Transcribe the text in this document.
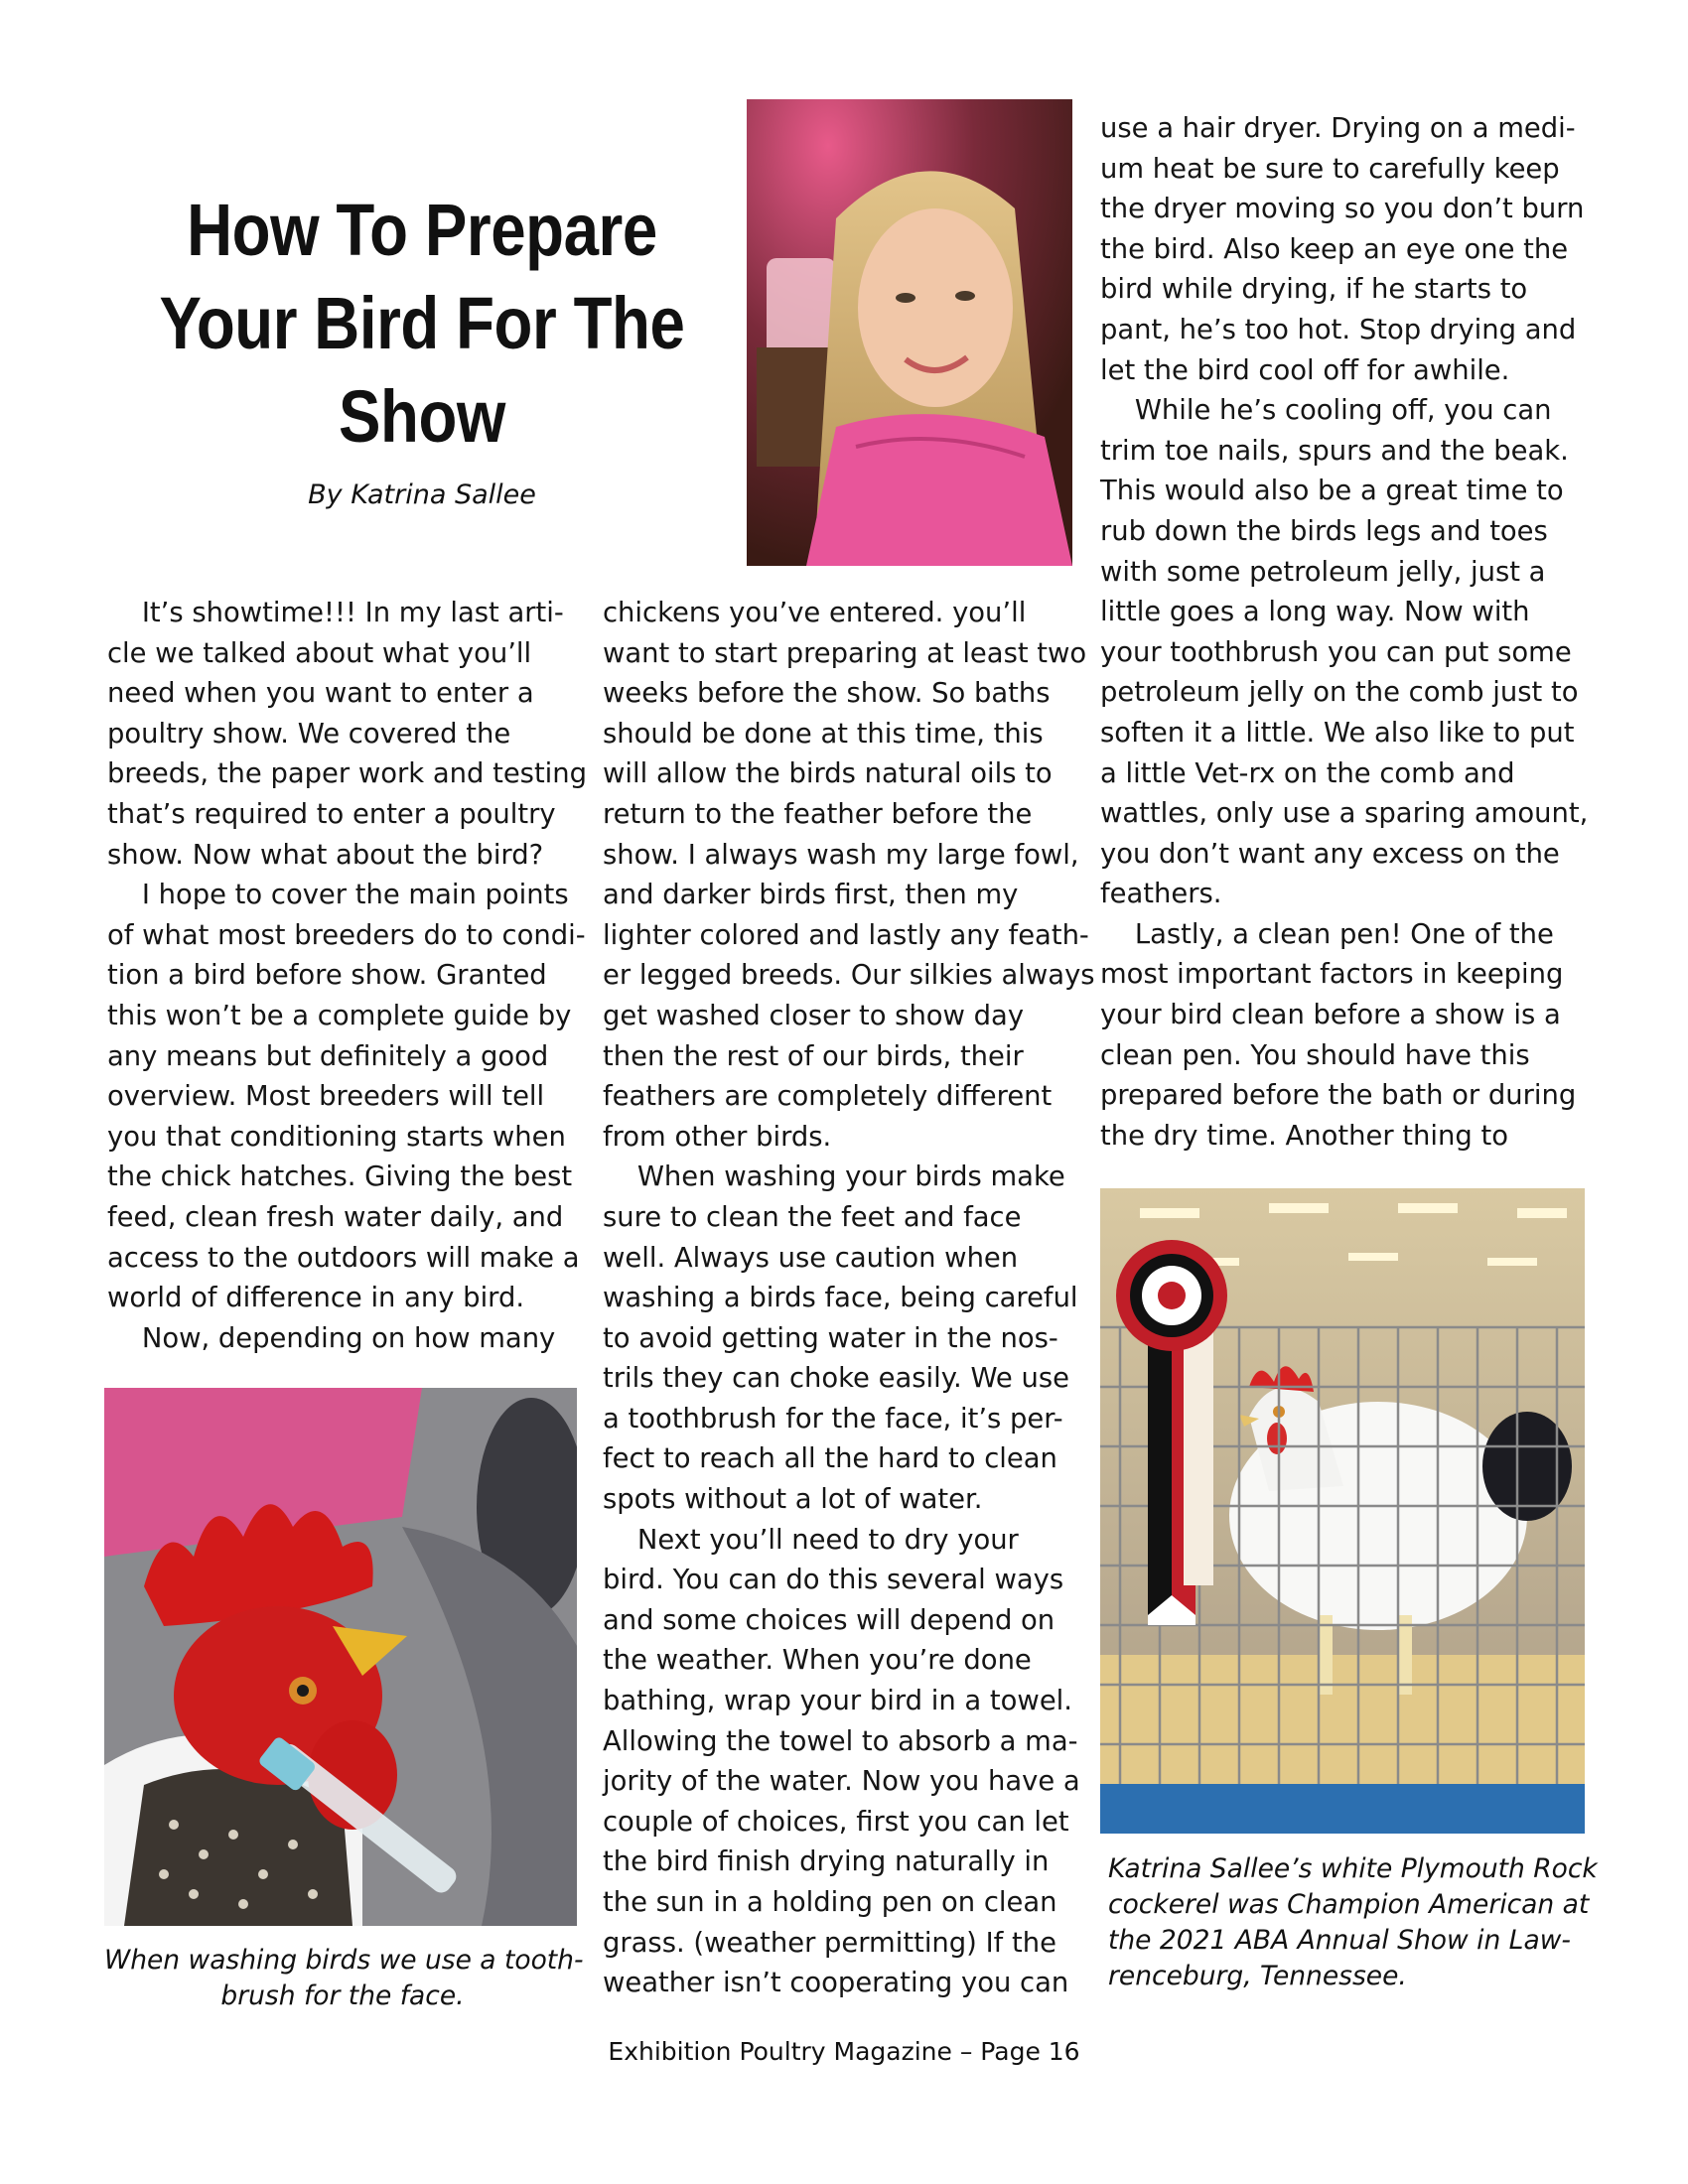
How To Prepare
Your Bird For The
Show
By Katrina Sallee

It’s showtime!!! In my last arti-

cle we talked about what you’ll

need when you want to enter a

poultry show. We covered the

breeds, the paper work and testing

that’s required to enter a poultry

show. Now what about the bird?

I hope to cover the main points

of what most breeders do to condi-

tion a bird before show. Granted

this won’t be a complete guide by

any means but definitely a good

overview. Most breeders will tell

you that conditioning starts when

the chick hatches. Giving the best

feed, clean fresh water daily, and

access to the outdoors will make a

world of difference in any bird.

Now, depending on how many

When washing birds we use a tooth-

brush for the face.

chickens you’ve entered. you’ll

want to start preparing at least two

weeks before the show. So baths

should be done at this time, this

will allow the birds natural oils to

return to the feather before the

show. I always wash my large fowl,

and darker birds first, then my

lighter colored and lastly any feath-

er legged breeds. Our silkies always

get washed closer to show day

then the rest of our birds, their

feathers are completely different

from other birds.

When washing your birds make

sure to clean the feet and face

well. Always use caution when

washing a birds face, being careful

to avoid getting water in the nos-

trils they can choke easily. We use

a toothbrush for the face, it’s per-

fect to reach all the hard to clean

spots without a lot of water.

Next you’ll need to dry your

bird. You can do this several ways

and some choices will depend on

the weather. When you’re done

bathing, wrap your bird in a towel.

Allowing the towel to absorb a ma-

jority of the water. Now you have a

couple of choices, first you can let

the bird finish drying naturally in

the sun in a holding pen on clean

grass. (weather permitting) If the

weather isn’t cooperating you can

use a hair dryer. Drying on a medi-

um heat be sure to carefully keep

the dryer moving so you don’t burn

the bird. Also keep an eye one the

bird while drying, if he starts to

pant, he’s too hot. Stop drying and

let the bird cool off for awhile.

While he’s cooling off, you can

trim toe nails, spurs and the beak.

This would also be a great time to

rub down the birds legs and toes

with some petroleum jelly, just a

little goes a long way. Now with

your toothbrush you can put some

petroleum jelly on the comb just to

soften it a little. We also like to put

a little Vet-rx on the comb and

wattles, only use a sparing amount,

you don’t want any excess on the

feathers.

Lastly, a clean pen! One of the

most important factors in keeping

your bird clean before a show is a

clean pen. You should have this

prepared before the bath or during

the dry time. Another thing to

Katrina Sallee’s white Plymouth Rock

cockerel was Champion American at

the 2021 ABA Annual Show in Law-

renceburg, Tennessee.

Exhibition Poultry Magazine – Page 16
